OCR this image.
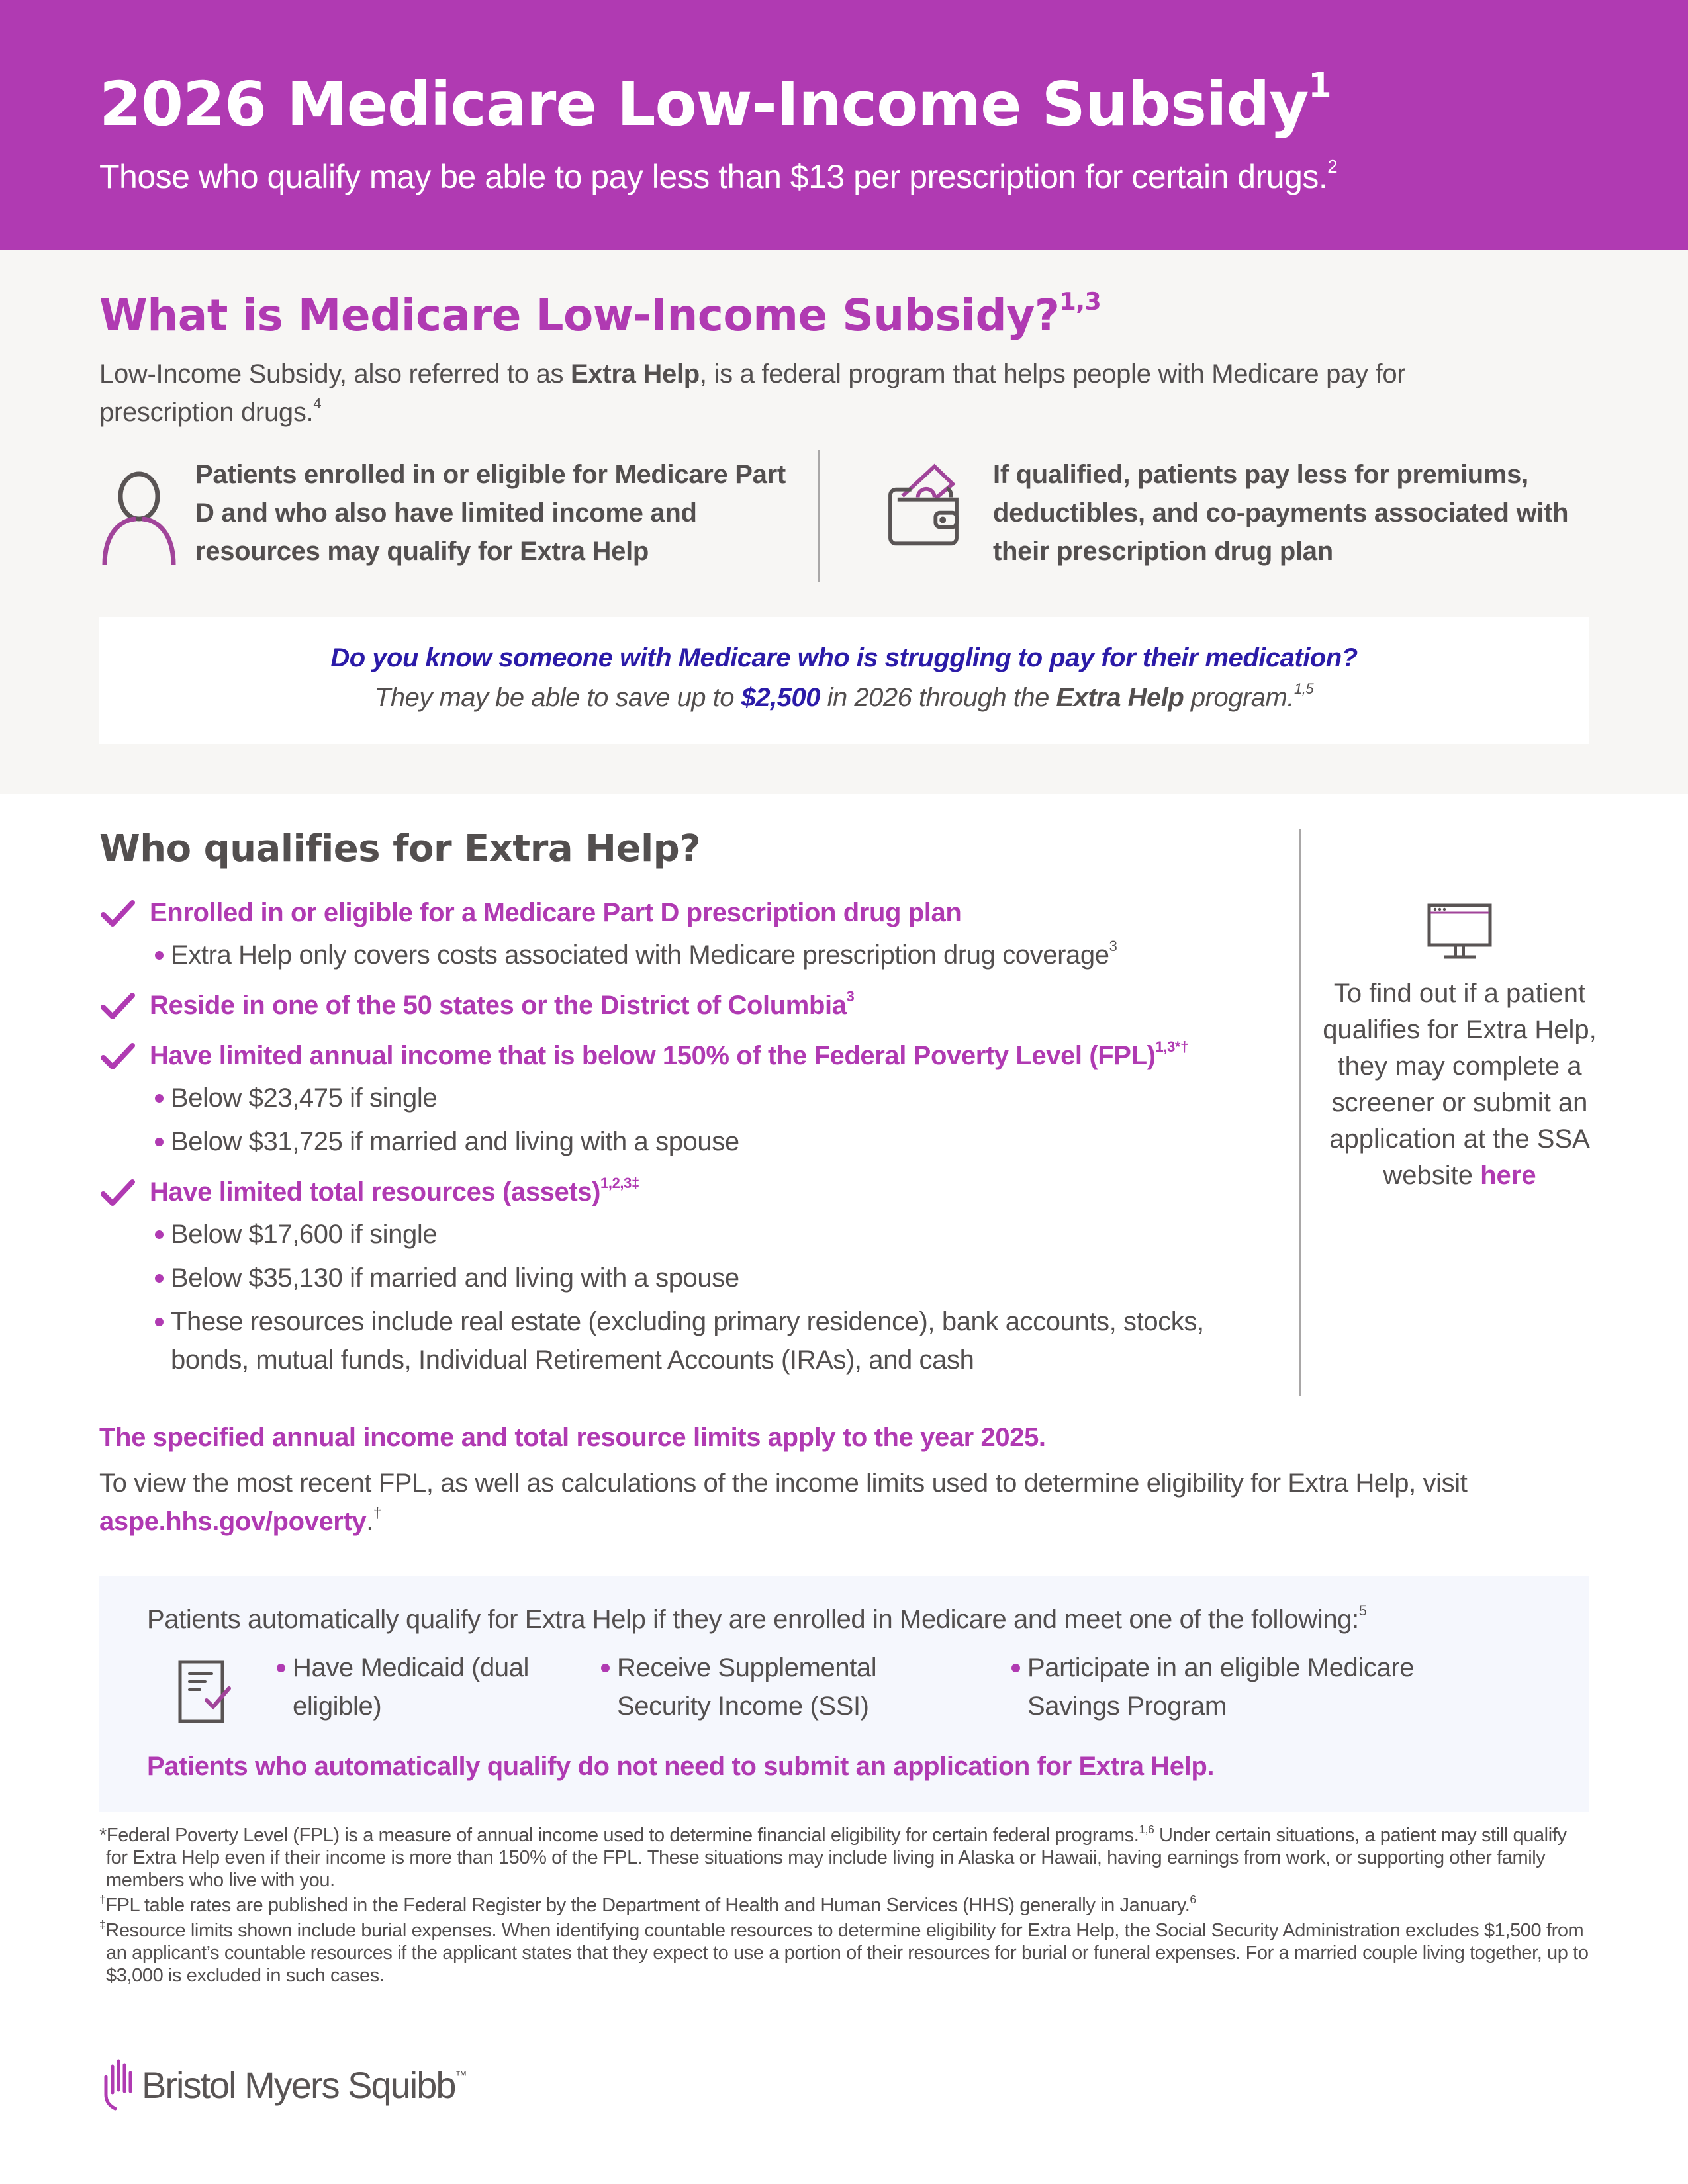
2026 Medicare Low-Income Subsidy$^1$
Those who qualify may be able to pay less than $13 per prescription for certain drugs.$^2$
What is Medicare Low-Income Subsidy?$^{1,3}$
Low-Income Subsidy, also referred to as Extra Help, is a federal program that helps people with Medicare pay for prescription drugs.$^4$
Patients enrolled in or eligible for Medicare Part D and who also have limited income and resources may qualify for Extra Help
If qualified, patients pay less for premiums, deductibles, and co-payments associated with their prescription drug plan
Do you know someone with Medicare who is struggling to pay for their medication?
They may be able to save up to $2,500 in 2026 through the Extra Help program.$^{1,5}$
Who qualifies for Extra Help?
Enrolled in or eligible for a Medicare Part D prescription drug plan
Extra Help only covers costs associated with Medicare prescription drug coverage$^3$
Reside in one of the 50 states or the District of Columbia$^3$
Have limited annual income that is below 150% of the Federal Poverty Level (FPL)$^{1,3*\dagger}$
Below $23,475 if single
Below $31,725 if married and living with a spouse
Have limited total resources (assets)$^{1,2,3\ddagger}$
Below $17,600 if single
Below $35,130 if married and living with a spouse
These resources include real estate (excluding primary residence), bank accounts, stocks, bonds, mutual funds, Individual Retirement Accounts (IRAs), and cash
To find out if a patient qualifies for Extra Help, they may complete a screener or submit an application at the SSA website here
The specified annual income and total resource limits apply to the year 2025.
To view the most recent FPL, as well as calculations of the income limits used to determine eligibility for Extra Help, visit aspe.hhs.gov/poverty.†
Patients automatically qualify for Extra Help if they are enrolled in Medicare and meet one of the following:$^5$
Have Medicaid (dual eligible)
Receive Supplemental Security Income (SSI)
Participate in an eligible Medicare Savings Program
Patients who automatically qualify do not need to submit an application for Extra Help.

*Federal Poverty Level (FPL) is a measure of annual income used to determine financial eligibility for certain federal programs.$^{1,6}$ Under certain situations, a patient may still qualify for Extra Help even if their income is more than 150% of the FPL. These situations may include living in Alaska or Hawaii, having earnings from work, or supporting other family members who live with you.

†FPL table rates are published in the Federal Register by the Department of Health and Human Services (HHS) generally in January.$^6$

‡Resource limits shown include burial expenses. When identifying countable resources to determine eligibility for Extra Help, the Social Security Administration excludes $1,500 from an applicant’s countable resources if the applicant states that they expect to use a portion of their resources for burial or funeral expenses. For a married couple living together, up to $3,000 is excluded in such cases.

Bristol Myers Squibb™
